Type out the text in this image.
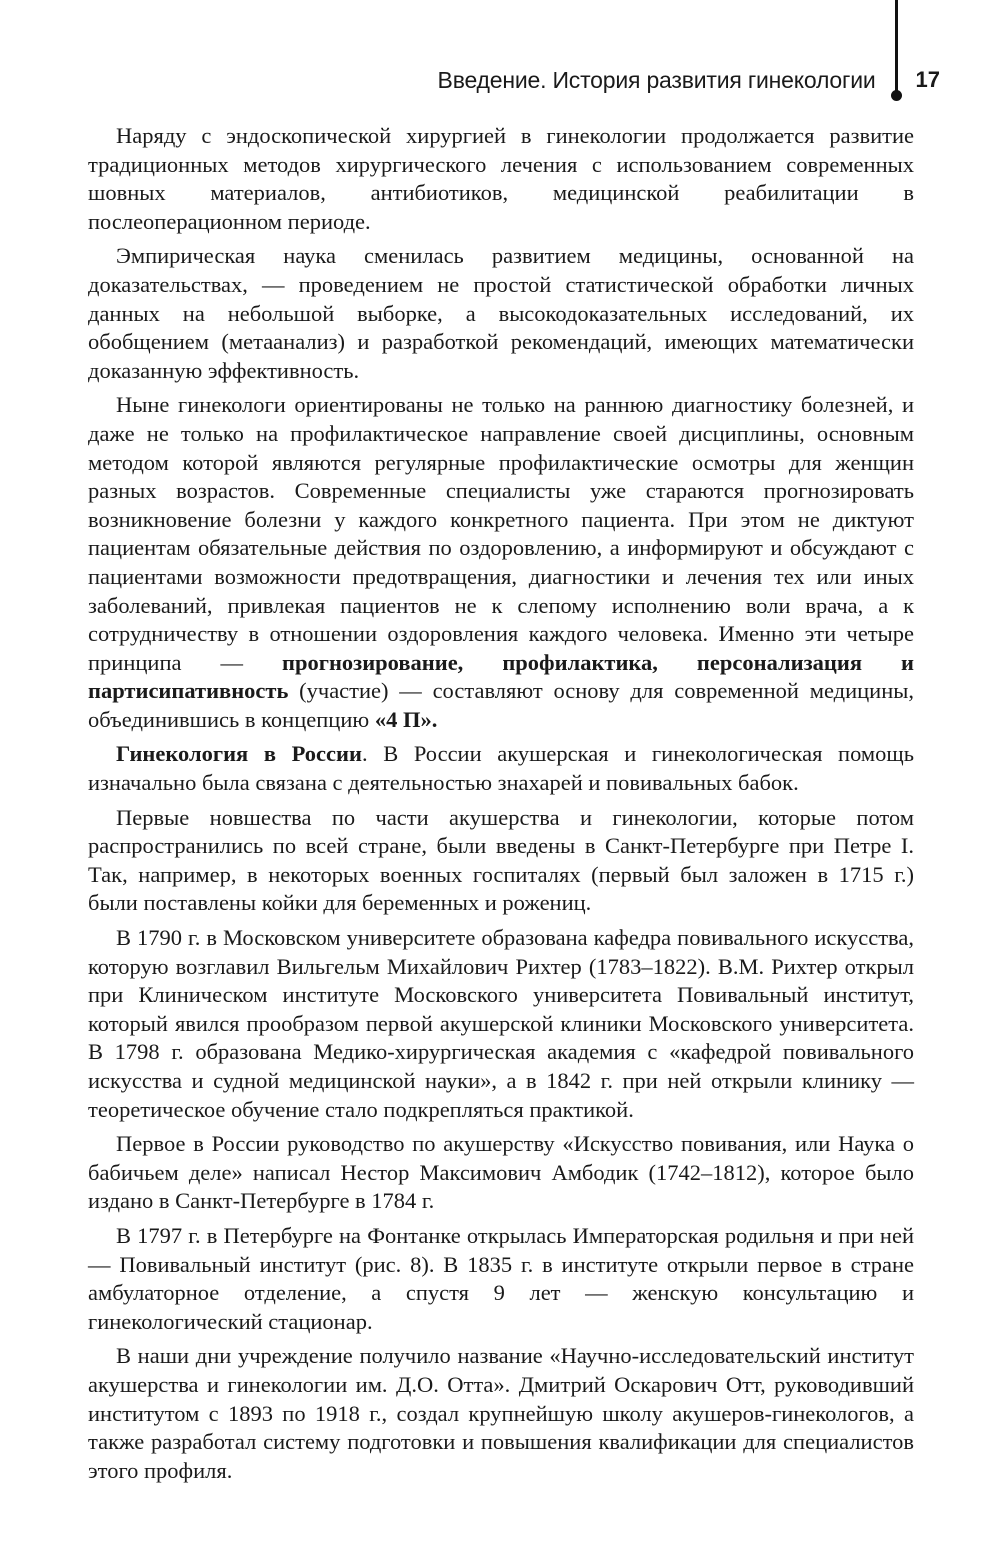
Введение. История развития гинекологии 17

Наряду с эндоскопической хирургией в гинекологии продолжается развитие традиционных методов хирургического лечения с использованием современных шовных материалов, антибиотиков, медицинской реабилитации в послеоперационном периоде.

Эмпирическая наука сменилась развитием медицины, основанной на доказательствах, — проведением не простой статистической обработки личных данных на небольшой выборке, а высокодоказательных исследований, их обобщением (метаанализ) и разработкой рекомендаций, имеющих математически доказанную эффективность.

Ныне гинекологи ориентированы не только на раннюю диагностику болезней, и даже не только на профилактическое направление своей дисциплины, основным методом которой являются регулярные профилактические осмотры для женщин разных возрастов. Современные специалисты уже стараются прогнозировать возникновение болезни у каждого конкретного пациента. При этом не диктуют пациентам обязательные действия по оздоровлению, а информируют и обсуждают с пациентами возможности предотвращения, диагностики и лечения тех или иных заболеваний, привлекая пациентов не к слепому исполнению воли врача, а к сотрудничеству в отношении оздоровления каждого человека. Именно эти четыре принципа — прогнозирование, профилактика, персонализация и партисипативность (участие) — составляют основу для современной медицины, объединившись в концепцию «4 П».

Гинекология в России. В России акушерская и гинекологическая помощь изначально была связана с деятельностью знахарей и повивальных бабок.

Первые новшества по части акушерства и гинекологии, которые потом распространились по всей стране, были введены в Санкт-Петербурге при Петре I. Так, например, в некоторых военных госпиталях (первый был заложен в 1715 г.) были поставлены койки для беременных и рожениц.

В 1790 г. в Московском университете образована кафедра повивального искусства, которую возглавил Вильгельм Михайлович Рихтер (1783–1822). В.М. Рихтер открыл при Клиническом институте Московского университета Повивальный институт, который явился прообразом первой акушерской клиники Московского университета. В 1798 г. образована Медико-хирургическая академия с «кафедрой повивального искусства и судной медицинской науки», а в 1842 г. при ней открыли клинику — теоретическое обучение стало подкрепляться практикой.

Первое в России руководство по акушерству «Искусство повивания, или Наука о бабичьем деле» написал Нестор Максимович Амбодик (1742–1812), которое было издано в Санкт-Петербурге в 1784 г.

В 1797 г. в Петербурге на Фонтанке открылась Императорская родильня и при ней — Повивальный институт (рис. 8). В 1835 г. в институте открыли первое в стране амбулаторное отделение, а спустя 9 лет — женскую консультацию и гинекологический стационар.

В наши дни учреждение получило название «Научно-исследовательский институт акушерства и гинекологии им. Д.О. Отта». Дмитрий Оскарович Отт, руководивший институтом с 1893 по 1918 г., создал крупнейшую школу акушеров-гинекологов, а также разработал систему подготовки и повышения квалификации для специалистов этого профиля.
